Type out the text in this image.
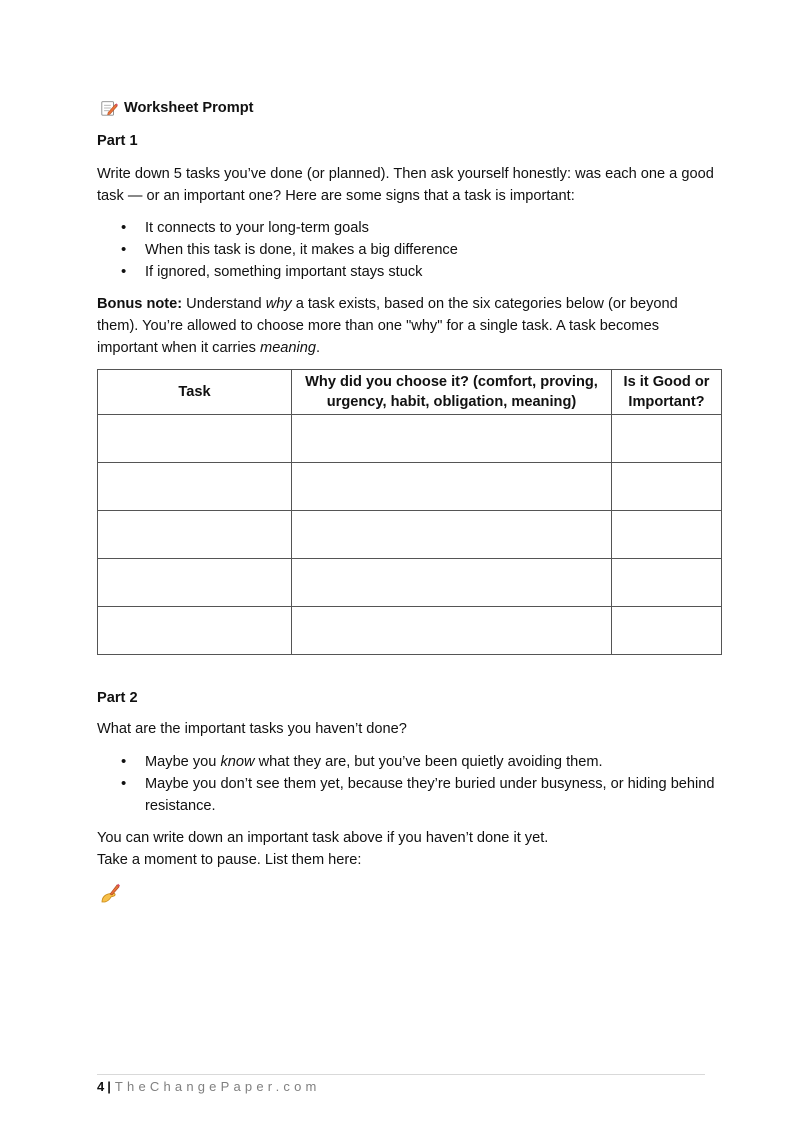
Worksheet Prompt

Part 1

Write down 5 tasks you’ve done (or planned). Then ask yourself honestly: was each one a good task — or an important one? Here are some signs that a task is important:

• It connects to your long-term goals
• When this task is done, it makes a big difference
• If ignored, something important stays stuck

Bonus note: Understand why a task exists, based on the six categories below (or beyond them). You’re allowed to choose more than one "why" for a single task. A task becomes important when it carries meaning.

Task	Why did you choose it? (comfort, proving, urgency, habit, obligation, meaning)	Is it Good or Important?

Part 2

What are the important tasks you haven’t done?

• Maybe you know what they are, but you’ve been quietly avoiding them.
• Maybe you don’t see them yet, because they’re buried under busyness, or hiding behind resistance.

You can write down an important task above if you haven’t done it yet.

Take a moment to pause. List them here:

4 | TheChangePaper.com
